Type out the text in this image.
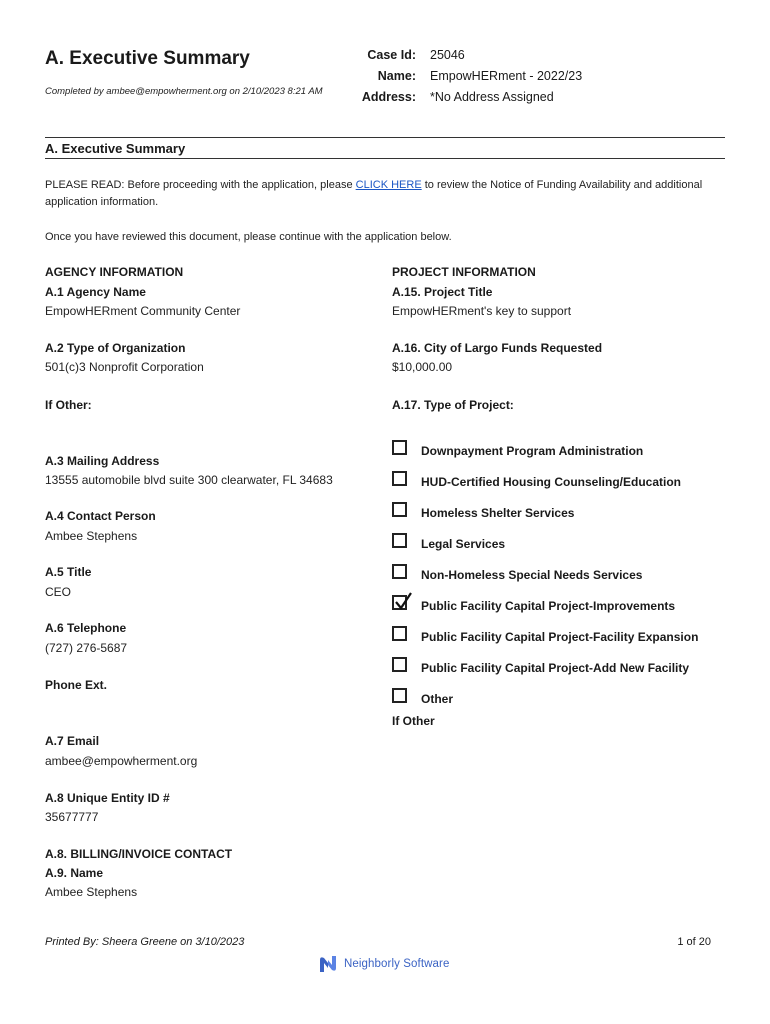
A. Executive Summary
Completed by ambee@empowherment.org on 2/10/2023 8:21 AM
Case Id: 25046
Name: EmpowHERment - 2022/23
Address: *No Address Assigned
A. Executive Summary
PLEASE READ: Before proceeding with the application, please CLICK HERE to review the Notice of Funding Availability and additional application information.
Once you have reviewed this document, please continue with the application below.
AGENCY INFORMATION
A.1 Agency Name
EmpowHERment Community Center
A.2 Type of Organization
501(c)3 Nonprofit Corporation
If Other:
A.3 Mailing Address
13555 automobile blvd suite 300 clearwater, FL 34683
A.4 Contact Person
Ambee Stephens
A.5 Title
CEO
A.6 Telephone
(727) 276-5687
Phone Ext.
A.7 Email
ambee@empowherment.org
A.8 Unique Entity ID #
35677777
A.8. BILLING/INVOICE CONTACT
A.9. Name
Ambee Stephens
PROJECT INFORMATION
A.15. Project Title
EmpowHERment's key to support
A.16. City of Largo Funds Requested
$10,000.00
A.17. Type of Project:
Downpayment Program Administration
HUD-Certified Housing Counseling/Education
Homeless Shelter Services
Legal Services
Non-Homeless Special Needs Services
Public Facility Capital Project-Improvements
Public Facility Capital Project-Facility Expansion
Public Facility Capital Project-Add New Facility
Other
If Other
Printed By: Sheera Greene on 3/10/2023	1 of 20
Neighborly Software
